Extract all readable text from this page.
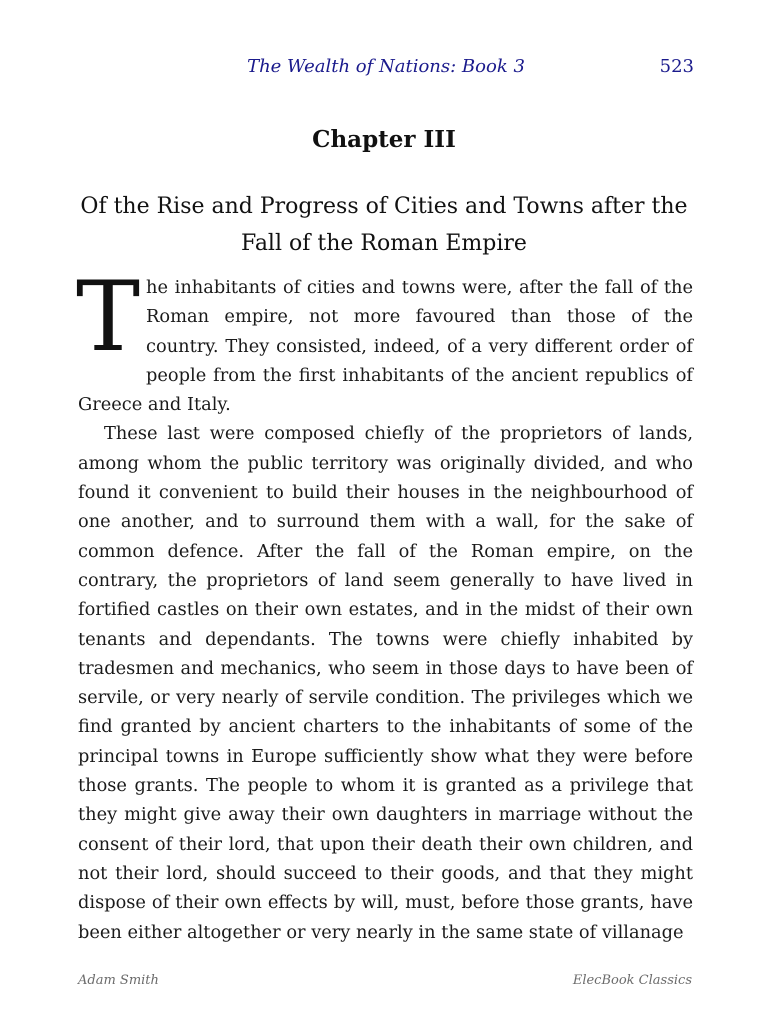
The Wealth of Nations: Book 3	523
Chapter III
Of the Rise and Progress of Cities and Towns after the Fall of the Roman Empire

The inhabitants of cities and towns were, after the fall of the Roman empire, not more favoured than those of the country. They consisted, indeed, of a very different order of people from the first inhabitants of the ancient republics of Greece and Italy.

These last were composed chiefly of the proprietors of lands, among whom the public territory was originally divided, and who found it convenient to build their houses in the neighbourhood of one another, and to surround them with a wall, for the sake of common defence. After the fall of the Roman empire, on the contrary, the proprietors of land seem generally to have lived in fortified castles on their own estates, and in the midst of their own tenants and dependants. The towns were chiefly inhabited by tradesmen and mechanics, who seem in those days to have been of servile, or very nearly of servile condition. The privileges which we find granted by ancient charters to the inhabitants of some of the principal towns in Europe sufficiently show what they were before those grants. The people to whom it is granted as a privilege that they might give away their own daughters in marriage without the consent of their lord, that upon their death their own children, and not their lord, should succeed to their goods, and that they might dispose of their own effects by will, must, before those grants, have been either altogether or very nearly in the same state of villanage

Adam Smith	ElecBook Classics
